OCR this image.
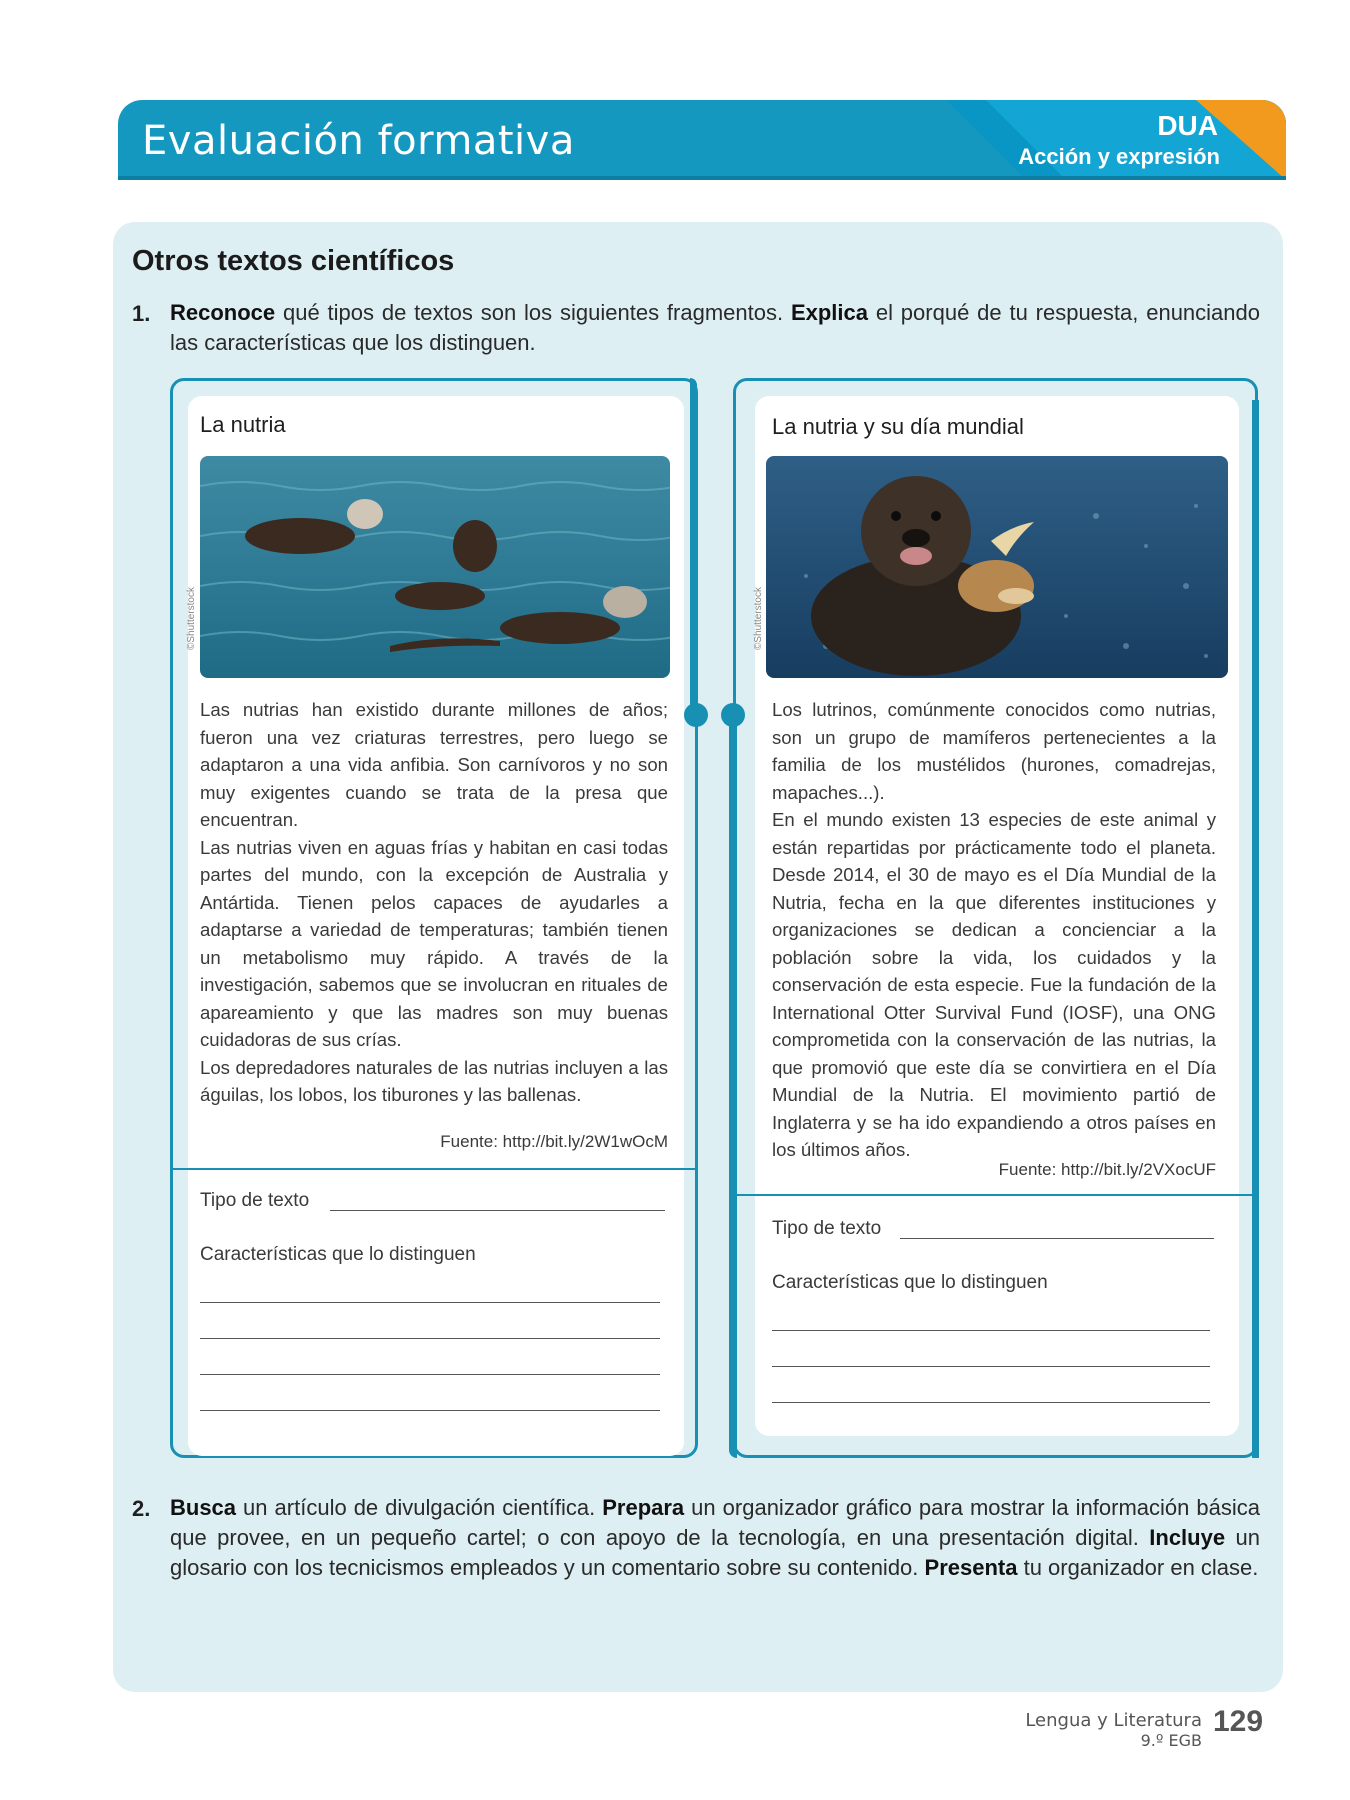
Evaluación formativa	DUA
Acción y expresión
Otros textos científicos
1. Reconoce qué tipos de textos son los siguientes fragmentos. Explica el porqué de tu respuesta, enunciando las características que los distinguen.
La nutria
©Shutterstock

Las nutrias han existido durante millones de años; fueron una vez criaturas terrestres, pero luego se adaptaron a una vida anfibia. Son carnívoros y no son muy exigentes cuando se trata de la presa que encuentran.

Las nutrias viven en aguas frías y habitan en casi todas partes del mundo, con la excepción de Australia y Antártida. Tienen pelos capaces de ayudarles a adaptarse a variedad de temperaturas; también tienen un metabolismo muy rápido. A través de la investigación, sabemos que se involucran en rituales de apareamiento y que las madres son muy buenas cuidadoras de sus crías.

Los depredadores naturales de las nutrias incluyen a las águilas, los lobos, los tiburones y las ballenas.

Fuente: http://bit.ly/2W1wOcM
Tipo de texto
Características que lo distinguen
La nutria y su día mundial
©Shutterstock

Los lutrinos, comúnmente conocidos como nutrias, son un grupo de mamíferos pertenecientes a la familia de los mustélidos (hurones, comadrejas, mapaches...).

En el mundo existen 13 especies de este animal y están repartidas por prácticamente todo el planeta. Desde 2014, el 30 de mayo es el Día Mundial de la Nutria, fecha en la que diferentes instituciones y organizaciones se dedican a concienciar a la población sobre la vida, los cuidados y la conservación de esta especie. Fue la fundación de la International Otter Survival Fund (IOSF), una ONG comprometida con la conservación de las nutrias, la que promovió que este día se convirtiera en el Día Mundial de la Nutria. El movimiento partió de Inglaterra y se ha ido expandiendo a otros países en los últimos años.

Fuente: http://bit.ly/2VXocUF
Tipo de texto
Características que lo distinguen
2. Busca un artículo de divulgación científica. Prepara un organizador gráfico para mostrar la información básica que provee, en un pequeño cartel; o con apoyo de la tecnología, en una presentación digital. Incluye un glosario con los tecnicismos empleados y un comentario sobre su contenido. Presenta tu organizador en clase.
Lengua y Literatura
9.º EGB
129
